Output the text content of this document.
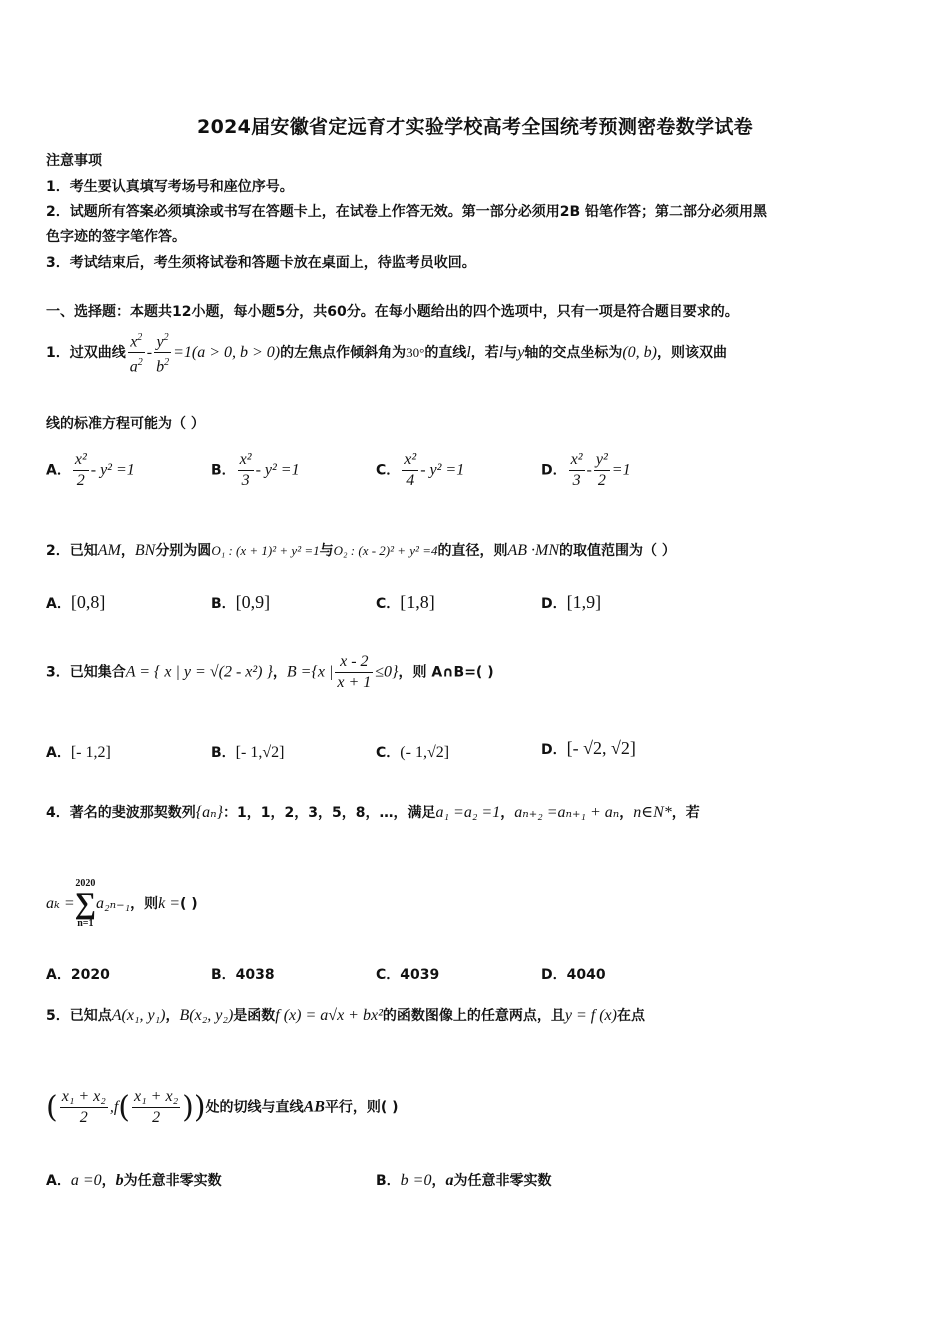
2024届安徽省定远育才实验学校高考全国统考预测密卷数学试卷
注意事项
1．考生要认真填写考场号和座位序号。
2．试题所有答案必须填涂或书写在答题卡上，在试卷上作答无效。第一部分必须用2B 铅笔作答；第二部分必须用黑
色字迹的签字笔作答。
3．考试结束后，考生须将试卷和答题卡放在桌面上，待监考员收回。
一、选择题：本题共12小题，每小题5分，共60分。在每小题给出的四个选项中，只有一项是符合题目要求的。
1．过双曲线 $\frac{x^2}{a^2} - \frac{y^2}{b^2} =1(a > 0$, b > 0)的左焦点作倾斜角为30°的直线l，若l与y轴的交点坐标为(0, b)，则该双曲
线的标准方程可能为（ ）
A． $\frac{\text{x²}}{2} - y^2 =1$	B． $\frac{\text{x²}}{3} - y^2 =1$	C． $\frac{\text{x²}}{4} - y^2 =1$	D． $\frac{\text{x²}}{3} - \frac{\text{y²}}{2} =1$
2．已知AM，BN分别为圆O₁ : (x + 1)² + y² =1与O₂ : (x - 2)² + y² =4的直径，则AB ·MN的取值范围为（ ）
A．[0,8]	B．[0,9]	C．[1,8]	D．[1,9]
3．已知集合A = { x | y = √(2 - x²) }，B ={x | $\frac{x - 2}{x + 1} \le 0$}，则 A∩B=( )
A．[- 1,2]	B．[- 1,√2]	C．(- 1,√2]	D．[- √2, √2]
4．著名的斐波那契数列{aₙ}：1，1，2，3，5，8，…，满足a₁ =a₂ =1，aₙ₊₂ =aₙ₊₁ + aₙ，n∈N*，若
aₖ =
2020
∑
n=1
a₂ₙ₋₁，则k =( )
A．2020	B．4038	C．4039	D．4040
5．已知点A(x₁, y₁)，B(x₂, y₂)是函数f (x) = a√x + bx²的函数图像上的任意两点，且y = f (x)在点
( $\frac{\text{x₁ + x₂}}{2} ,f( \frac{\text{x₁ + x₂}}{2}$ ))处的切线与直线AB平行，则( )
A．a =0，b为任意非零实数	B．b =0，a为任意非零实数
